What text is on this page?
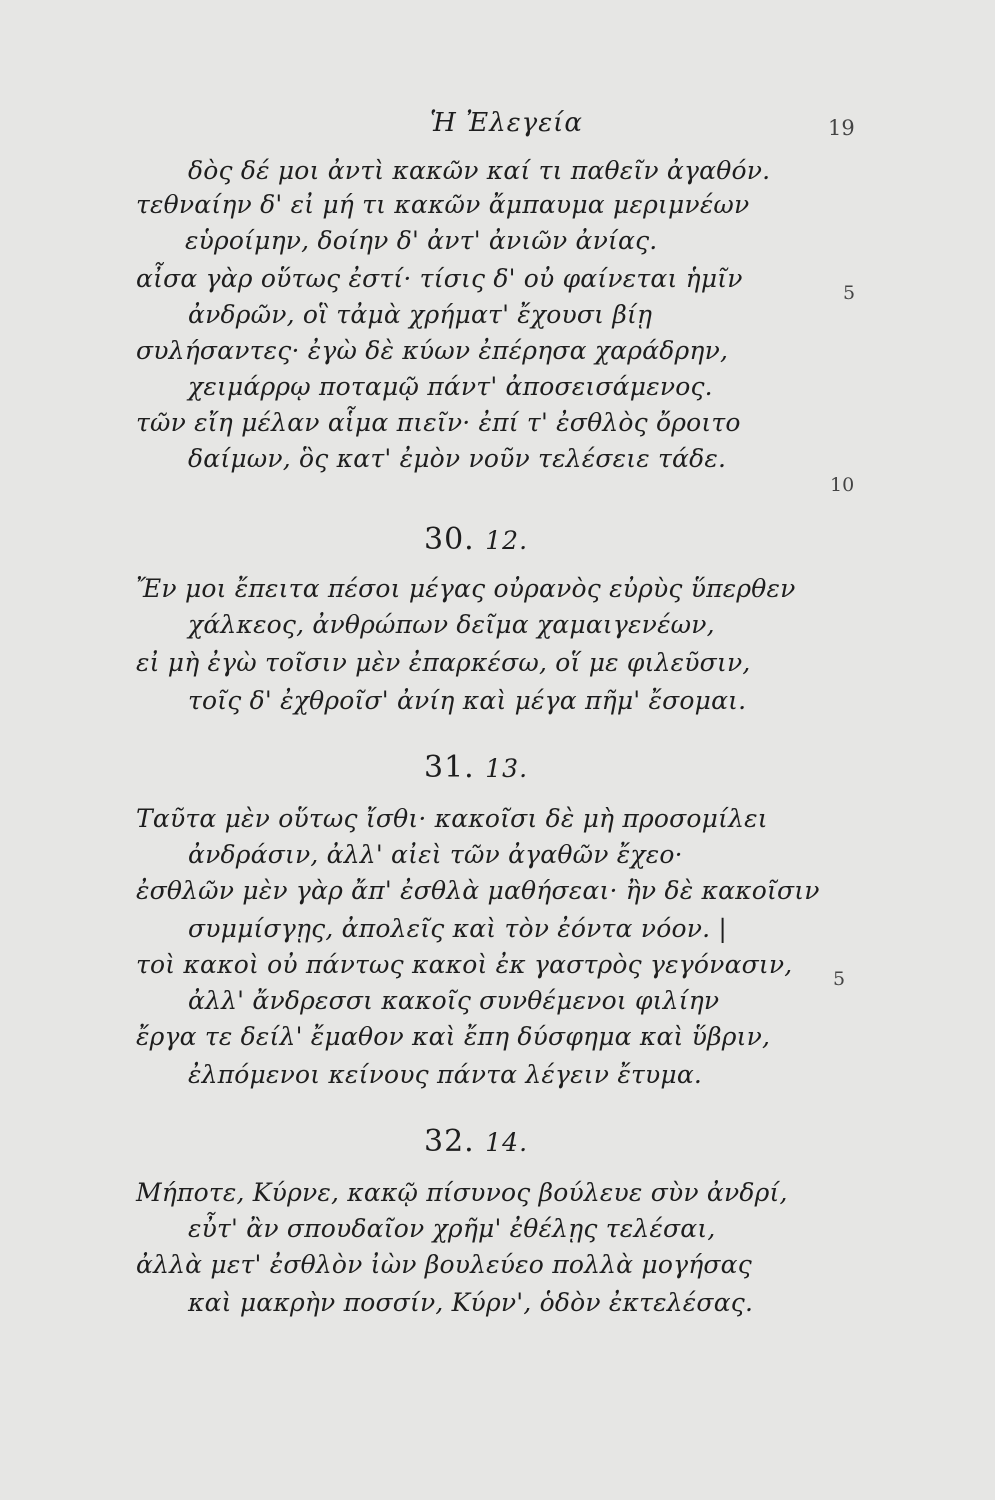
Ἡ Ἐλεγεία	19
δὸς δέ μοι ἀντὶ κακῶν καί τι παθεῖν ἀγαθόν.
τεθναίην δ' εἰ μή τι κακῶν ἄμπαυμα μεριμνέων
εὑροίμην, δοίην δ' ἀντ' ἀνιῶν ἀνίας.
αἶσα γὰρ οὕτως ἐστί· τίσις δ' οὐ φαίνεται ἡμῖν	5
ἀνδρῶν, οἳ τἀμὰ χρήματ' ἔχουσι βίῃ
συλήσαντες· ἐγὼ δὲ κύων ἐπέρησα χαράδρην,
χειμάρρῳ ποταμῷ πάντ' ἀποσεισάμενος.
τῶν εἴη μέλαν αἷμα πιεῖν· ἐπί τ' ἐσθλὸς ὄροιτο
δαίμων, ὃς κατ' ἐμὸν νοῦν τελέσειε τάδε.
10
30. 12.
Ἔν μοι ἔπειτα πέσοι μέγας οὐρανὸς εὐρὺς ὕπερθεν
χάλκεος, ἀνθρώπων δεῖμα χαμαιγενέων,
εἰ μὴ ἐγὼ τοῖσιν μὲν ἐπαρκέσω, οἵ με φιλεῦσιν,
τοῖς δ' ἐχθροῖσ' ἀνίη καὶ μέγα πῆμ' ἔσομαι.
31. 13.
Ταῦτα μὲν οὕτως ἴσθι· κακοῖσι δὲ μὴ προσομίλει
ἀνδράσιν, ἀλλ' αἰεὶ τῶν ἀγαθῶν ἔχεο·
ἐσθλῶν μὲν γὰρ ἄπ' ἐσθλὰ μαθήσεαι· ἢν δὲ κακοῖσιν
συμμίσγῃς, ἀπολεῖς καὶ τὸν ἐόντα νόον. |
τοὶ κακοὶ οὐ πάντως κακοὶ ἐκ γαστρὸς γεγόνασιν, 5
ἀλλ' ἄνδρεσσι κακοῖς συνθέμενοι φιλίην
ἔργα τε δείλ' ἔμαθον καὶ ἔπη δύσφημα καὶ ὕβριν,
ἐλπόμενοι κείνους πάντα λέγειν ἔτυμα.
32. 14.
Μήποτε, Κύρνε, κακῷ πίσυνος βούλευε σὺν ἀνδρί,
εὖτ' ἂν σπουδαῖον χρῆμ' ἐθέλῃς τελέσαι,
ἀλλὰ μετ' ἐσθλὸν ἰὼν βουλεύεο πολλὰ μογήσας
καὶ μακρὴν ποσσίν, Κύρν', ὁδὸν ἐκτελέσας.
